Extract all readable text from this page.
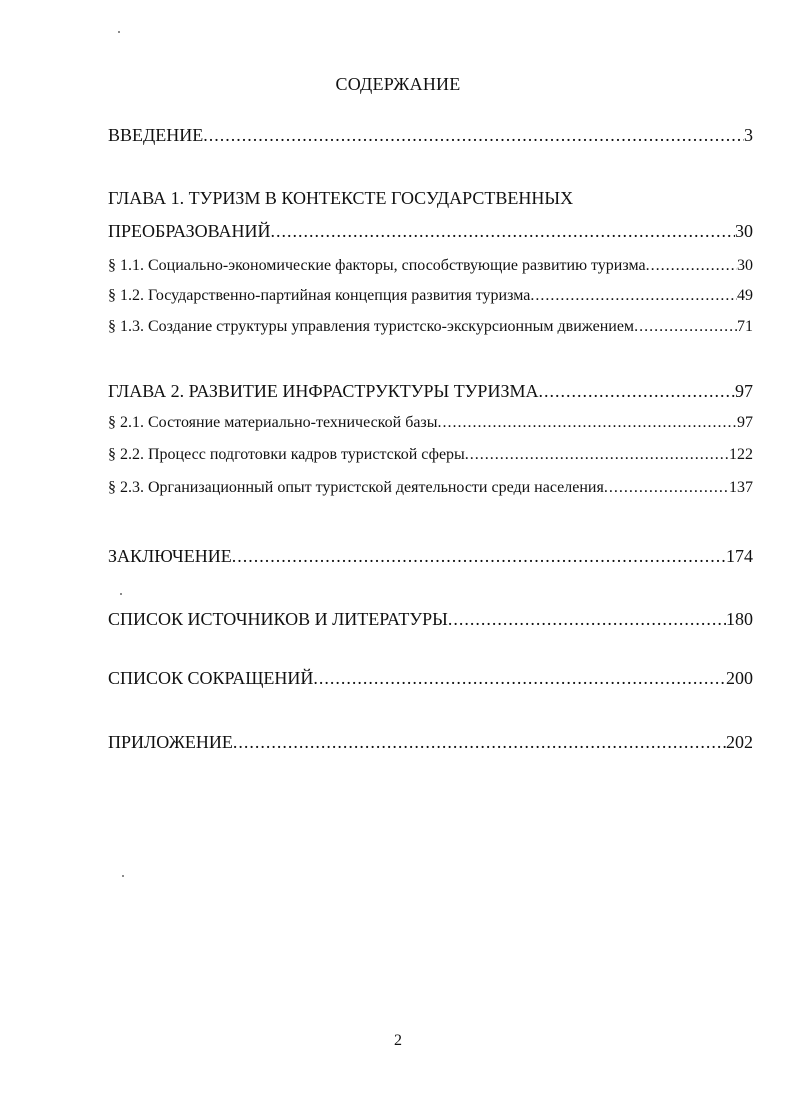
СОДЕРЖАНИЕ
ВВЕДЕНИЕ .....	3
ГЛАВА 1. ТУРИЗМ В КОНТЕКСТЕ ГОСУДАРСТВЕННЫХ
ПРЕОБРАЗОВАНИЙ .....	30
§ 1.1. Социально-экономические факторы, способствующие развитию туризма .....	30
§ 1.2. Государственно-партийная концепция развития туризма .....	49
§ 1.3. Создание структуры управления туристско-экскурсионным движением .....	71
ГЛАВА 2. РАЗВИТИЕ ИНФРАСТРУКТУРЫ ТУРИЗМА .....	97
§ 2.1. Состояние материально-технической базы .....	97
§ 2.2. Процесс подготовки кадров туристской сферы .....	122
§ 2.3. Организационный опыт туристской деятельности среди населения .....	137
ЗАКЛЮЧЕНИЕ .....	174
СПИСОК ИСТОЧНИКОВ И ЛИТЕРАТУРЫ .....	180
СПИСОК СОКРАЩЕНИЙ .....	200
ПРИЛОЖЕНИЕ .....	202
2
